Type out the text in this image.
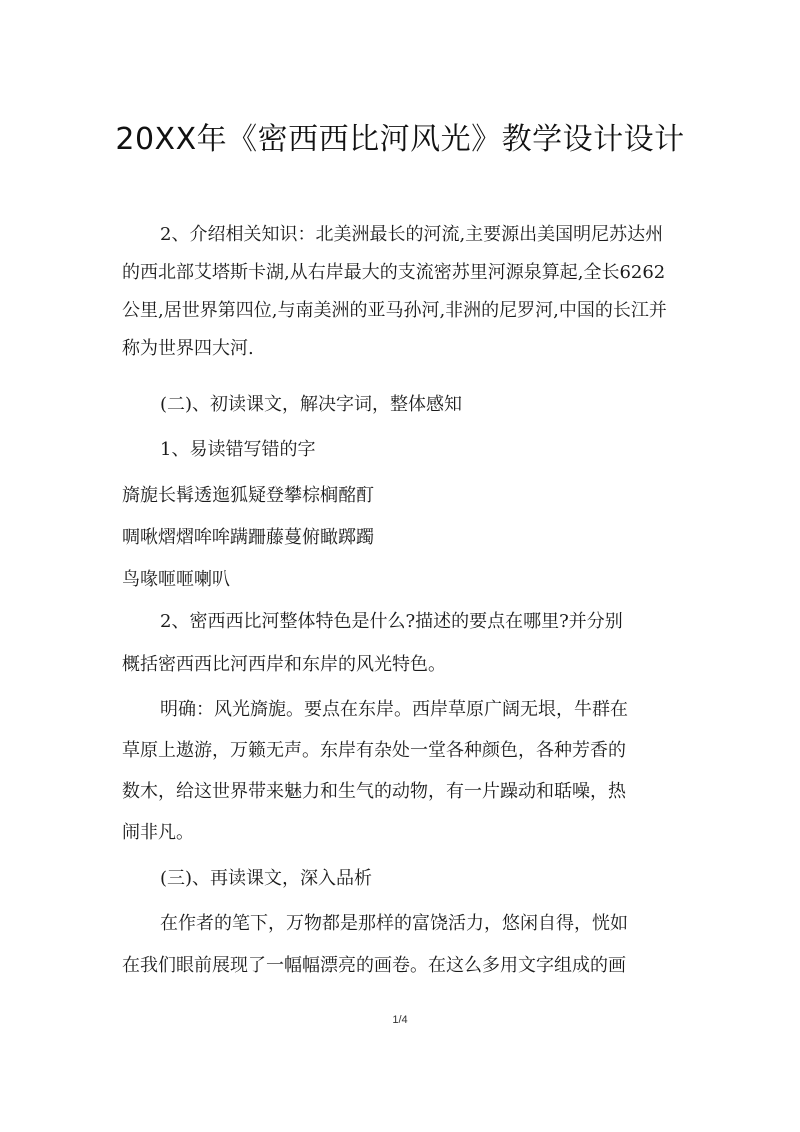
20XX年《密西西比河风光》教学设计设计

2、介绍相关知识：北美洲最长的河流,主要源出美国明尼苏达州

的西北部艾塔斯卡湖,从右岸最大的支流密苏里河源泉算起,全长6262

公里,居世界第四位,与南美洲的亚马孙河,非洲的尼罗河,中国的长江并

称为世界四大河.

(二)、初读课文，解决字词，整体感知

1、易读错写错的字

旖旎长髯透迤狐疑登攀棕榈酩酊

啁啾熠熠哞哞蹒跚藤蔓俯瞰踯躅

鸟喙咂咂喇叭

2、密西西比河整体特色是什么?描述的要点在哪里?并分别

概括密西西比河西岸和东岸的风光特色。

明确：风光旖旎。要点在东岸。西岸草原广阔无垠，牛群在

草原上遨游，万籁无声。东岸有杂处一堂各种颜色，各种芳香的

数木，给这世界带来魅力和生气的动物，有一片躁动和聒噪，热

闹非凡。

(三)、再读课文，深入品析

在作者的笔下，万物都是那样的富饶活力，悠闲自得，恍如

在我们眼前展现了一幅幅漂亮的画卷。在这么多用文字组成的画

1/4
